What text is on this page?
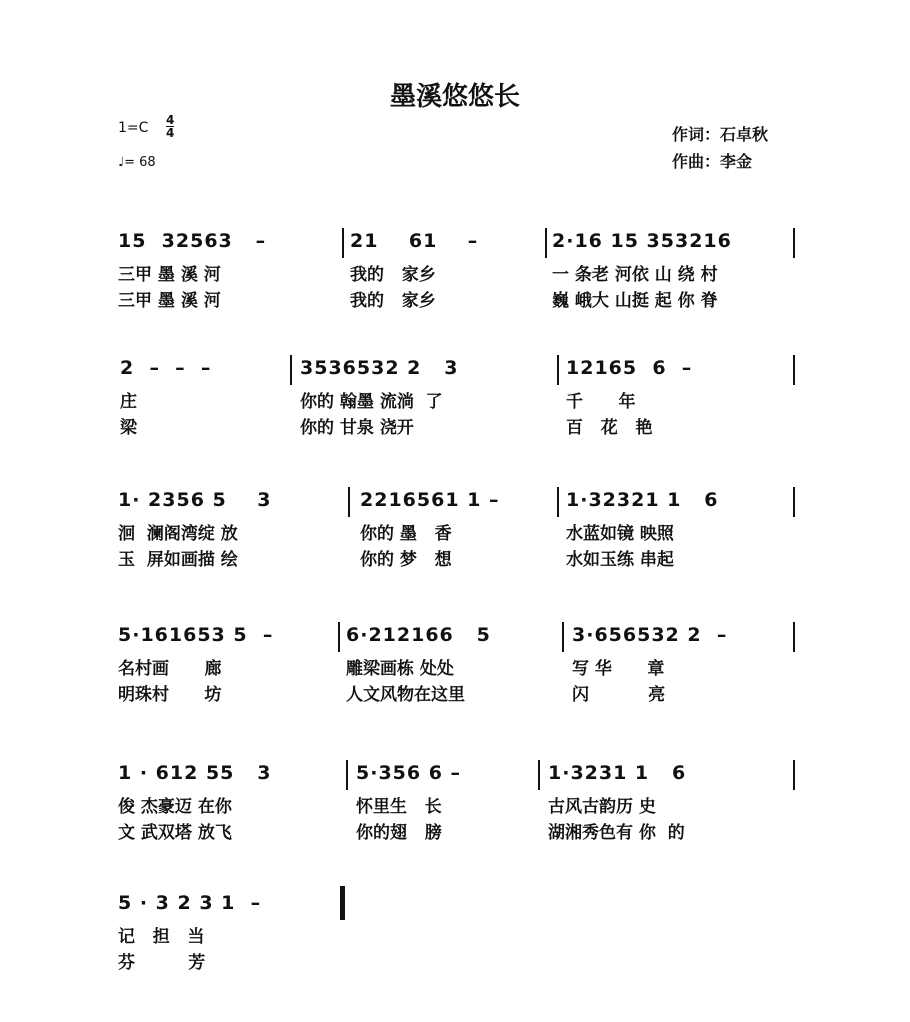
墨溪悠悠长
1=C 4
4
♩= 68
作词：石卓秋
作曲：李金
15  32563   –
三甲 墨 溪 河
三甲 墨 溪 河
21    61    –
我的   家乡
我的   家乡
2·16 15 353216
一 条老 河依 山 绕 村
巍 峨大 山挺 起 你 脊
2  –  –  –
庄
梁
3536532 2   3
你的 翰墨 流淌  了
你的 甘泉 浇开
12165  6  –
千      年
百   花   艳
1· 2356 5    3
洄  澜阁湾绽 放
玉  屏如画描 绘
2216561 1 –
你的 墨   香
你的 梦   想
1·32321 1   6
水蓝如镜 映照
水如玉练 串起
5·161653 5  –
名村画      廊
明珠村      坊
6·212166   5
雕梁画栋 处处
人文风物在这里
3·656532 2  –
写 华      章
闪          亮
1 · 612 55   3
俊 杰豪迈 在你
文 武双塔 放飞
5·356 6 –
怀里生   长
你的翅   膀
1·3231 1   6
古风古韵历 史
湖湘秀色有 你  的
5 · 3 2 3 1  –
记   担   当
芬         芳
